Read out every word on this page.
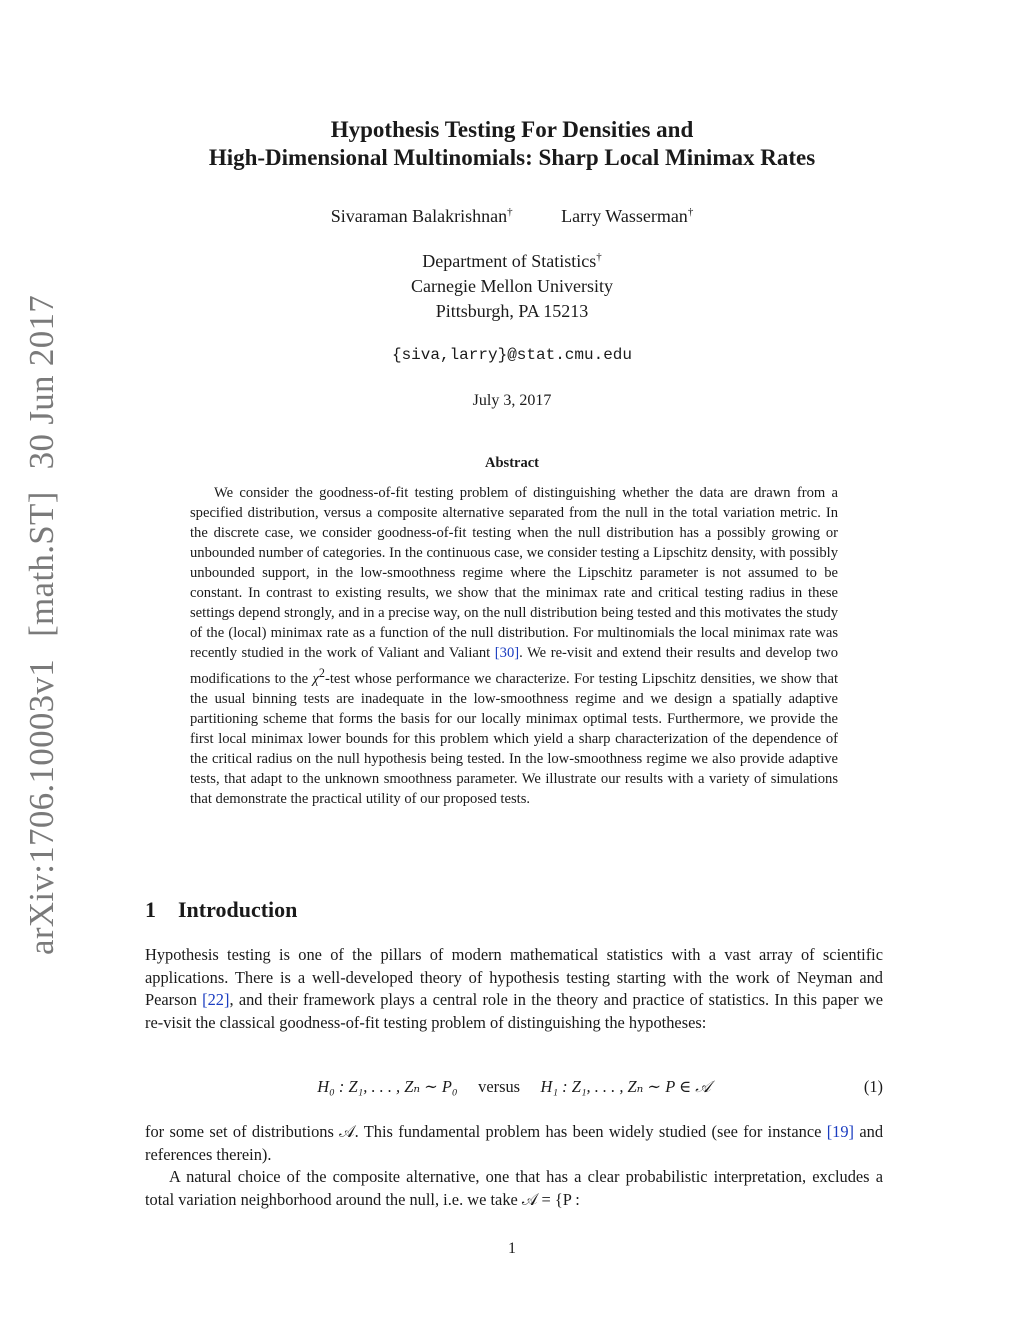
arXiv:1706.10003v1[math.ST]30 Jun 2017
Hypothesis Testing For Densities and
High-Dimensional Multinomials: Sharp Local Minimax Rates
Sivaraman Balakrishnan†	Larry Wasserman†
Department of Statistics†
Carnegie Mellon University
Pittsburgh, PA 15213
{siva,larry}@stat.cmu.edu
July 3, 2017
Abstract
We consider the goodness-of-fit testing problem of distinguishing whether the data are drawn from a specified distribution, versus a composite alternative separated from the null in the total variation metric. In the discrete case, we consider goodness-of-fit testing when the null distribution has a possibly growing or unbounded number of categories. In the continuous case, we consider testing a Lipschitz density, with possibly unbounded support, in the low-smoothness regime where the Lipschitz parameter is not assumed to be constant. In contrast to existing results, we show that the minimax rate and critical testing radius in these settings depend strongly, and in a precise way, on the null distribution being tested and this motivates the study of the (local) minimax rate as a function of the null distribution. For multinomials the local minimax rate was recently studied in the work of Valiant and Valiant [30]. We re-visit and extend their results and develop two modifications to the $\chi^2$-test whose performance we characterize. For testing Lipschitz densities, we show that the usual binning tests are inadequate in the low-smoothness regime and we design a spatially adaptive partitioning scheme that forms the basis for our locally minimax optimal tests. Furthermore, we provide the first local minimax lower bounds for this problem which yield a sharp characterization of the dependence of the critical radius on the null hypothesis being tested. In the low-smoothness regime we also provide adaptive tests, that adapt to the unknown smoothness parameter. We illustrate our results with a variety of simulations that demonstrate the practical utility of our proposed tests.
1 Introduction
Hypothesis testing is one of the pillars of modern mathematical statistics with a vast array of scientific applications. There is a well-developed theory of hypothesis testing starting with the work of Neyman and Pearson [22], and their framework plays a central role in the theory and practice of statistics. In this paper we re-visit the classical goodness-of-fit testing problem of distinguishing the hypotheses:
H₀ : Z₁, . . . , Zₙ ∼ P₀ versus H₁ : Z₁, . . . , Zₙ ∼ P ∈ 𝒜	(1)
for some set of distributions 𝒜. This fundamental problem has been widely studied (see for instance [19] and references therein).
A natural choice of the composite alternative, one that has a clear probabilistic interpretation, excludes a total variation neighborhood around the null, i.e. we take 𝒜 = {P :
1
